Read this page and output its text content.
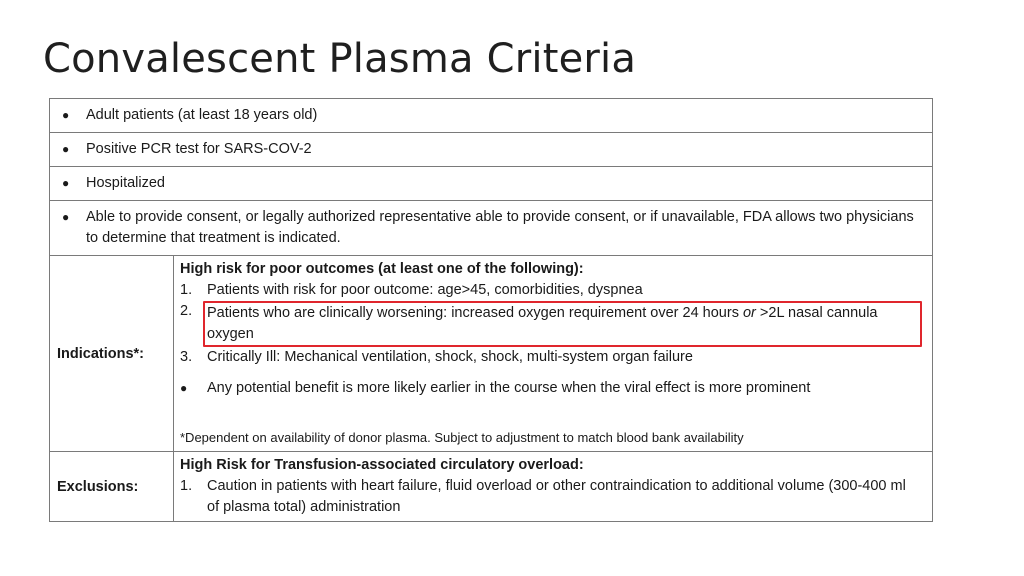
Convalescent Plasma Criteria
●	Adult patients (at least 18 years old)
●	Positive PCR test for SARS-COV-2
●	Hospitalized
●	Able to provide consent, or legally authorized representative able to provide consent, or if unavailable, FDA allows two physicians to determine that treatment is indicated.
Indications*:
High risk for poor outcomes (at least one of the following):
1.	Patients with risk for poor outcome: age>45, comorbidities, dyspnea
2.	Patients who are clinically worsening: increased oxygen requirement over 24 hours or >2L nasal cannula oxygen
3.	Critically Ill: Mechanical ventilation, shock, shock, multi-system organ failure
●	Any potential benefit is more likely earlier in the course when the viral effect is more prominent
*Dependent on availability of donor plasma. Subject to adjustment to match blood bank availability
Exclusions:
High Risk for Transfusion-associated circulatory overload:
1.	Caution in patients with heart failure, fluid overload or other contraindication to additional volume (300-400 ml of plasma total) administration
